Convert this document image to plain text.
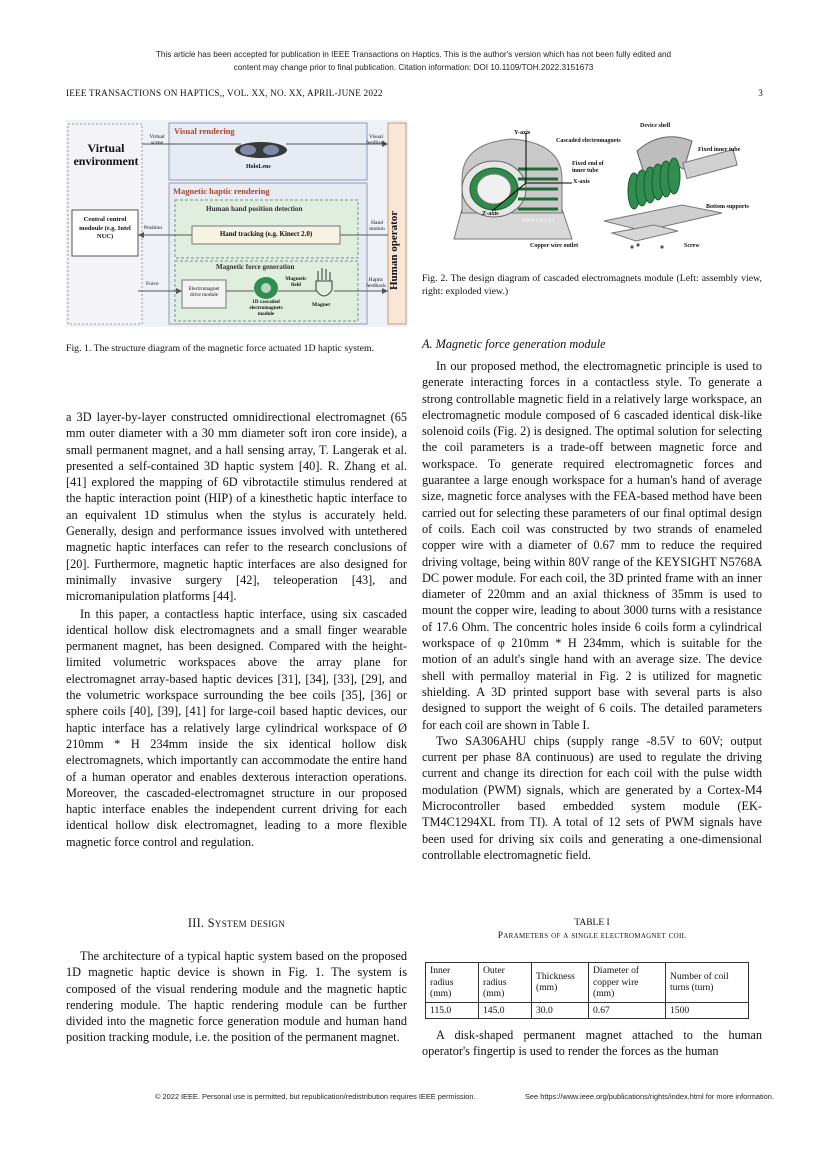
This article has been accepted for publication in IEEE Transactions on Haptics. This is the author's version which has not been fully edited and
content may change prior to final publication. Citation information: DOI 10.1109/TOH.2022.3151673
IEEE TRANSACTIONS ON HAPTICS,, VOL. XX, NO. XX, APRIL-JUNE 2022	3
Virtual environment
Visual rendering
Virtual scene
HoloLens
Visual feedback
Human operator
Magnetic haptic rendering
Human hand position detection
Central control modoule (e.g. Intel NUC)
Position
Hand tracking (e.g. Kinect 2.0)
Hand motion
Magnetic force generation
Force
Electromagnet drive module
Magnetic field
1D cascaded electromagnets module
Magnet
Haptic feedback
Fig. 1. The structure diagram of the magnetic force actuated 1D haptic system.
Y-axis
X-axis
Z-axis
Cascaded electromagnets
Fixed end of inner tube
Copper wire outlet
Device shell
Fixed inner tube
Bottom supports
Screw
EM 6 5 4 3 2 1
Fig. 2. The design diagram of cascaded electromagnets module (Left: assembly view, right: exploded view.)

a 3D layer-by-layer constructed omnidirectional electromagnet (65 mm outer diameter with a 30 mm diameter soft iron core inside), a small permanent magnet, and a hall sensing array, T. Langerak et al. presented a self-contained 3D haptic system [40]. R. Zhang et al. [41] explored the mapping of 6D vibrotactile stimulus rendered at the haptic interaction point (HIP) of a kinesthetic haptic interface to an equivalent 1D stimulus when the stylus is accurately held. Generally, design and performance issues involved with untethered magnetic haptic interfaces can refer to the research conclusions of [20]. Furthermore, magnetic haptic interfaces are also designed for minimally invasive surgery [42], teleoperation [43], and micromanipulation platforms [44].

In this paper, a contactless haptic interface, using six cascaded identical hollow disk electromagnets and a small finger wearable permanent magnet, has been designed. Compared with the height-limited volumetric workspaces above the array plane for electromagnet array-based haptic devices [31], [34], [33], [29], and the volumetric workspace surrounding the bee coils [35], [36] or sphere coils [40], [39], [41] for large-coil based haptic devices, our haptic interface has a relatively large cylindrical workspace of Ø 210mm * H 234mm inside the six identical hollow disk electromagnets, which importantly can accommodate the entire hand of a human operator and enables dexterous interaction operations. Moreover, the cascaded-electromagnet structure in our proposed haptic interface enables the independent current driving for each identical hollow disk electromagnet, leading to a more flexible magnetic force control and regulation.

III. System design

The architecture of a typical haptic system based on the proposed 1D magnetic haptic device is shown in Fig. 1. The system is composed of the visual rendering module and the magnetic haptic rendering module. The haptic rendering module can be further divided into the magnetic force generation module and human hand position tracking module, i.e. the position of the permanent magnet.

A. Magnetic force generation module

In our proposed method, the electromagnetic principle is used to generate interacting forces in a contactless style. To generate a strong controllable magnetic field in a relatively large workspace, an electromagnetic module composed of 6 cascaded identical disk-like solenoid coils (Fig. 2) is designed. The optimal solution for selecting the coil parameters is a trade-off between magnetic force and workspace. To generate required electromagnetic forces and guarantee a large enough workspace for a human's hand of average size, magnetic force analyses with the FEA-based method have been carried out for selecting these parameters of our final optimal design of coils. Each coil was constructed by two strands of enameled copper wire with a diameter of 0.67 mm to reduce the required driving voltage, being within 80V range of the KEYSIGHT N5768A DC power module. For each coil, the 3D printed frame with an inner diameter of 220mm and an axial thickness of 35mm is used to mount the copper wire, leading to about 3000 turns with a resistance of 17.6 Ohm. The concentric holes inside 6 coils form a cylindrical workspace of φ 210mm * H 234mm, which is suitable for the motion of an adult's single hand with an average size. The device shell with permalloy material in Fig. 2 is utilized for magnetic shielding. A 3D printed support base with several parts is also designed to support the weight of 6 coils. The detailed parameters for each coil are shown in Table I.

Two SA306AHU chips (supply range -8.5V to 60V; output current per phase 8A continuous) are used to regulate the driving current and change its direction for each coil with the pulse width modulation (PWM) signals, which are generated by a Cortex-M4 Microcontroller based embedded system module (EK-TM4C1294XL from TI). A total of 12 sets of PWM signals have been used for driving six coils and generating a one-dimensional controllable electromagnetic field.

TABLE I
Parameters of a single electromagnet coil
Inner radius (mm)	Outer radius (mm)	Thickness (mm)	Diameter of copper wire (mm)	Number of coil turns (turn)
115.0	145.0	30.0	0.67	1500

A disk-shaped permanent magnet attached to the human operator's fingertip is used to render the forces as the human

© 2022 IEEE. Personal use is permitted, but republication/redistribution requires IEEE permission.	See https://www.ieee.org/publications/rights/index.html for more information.
